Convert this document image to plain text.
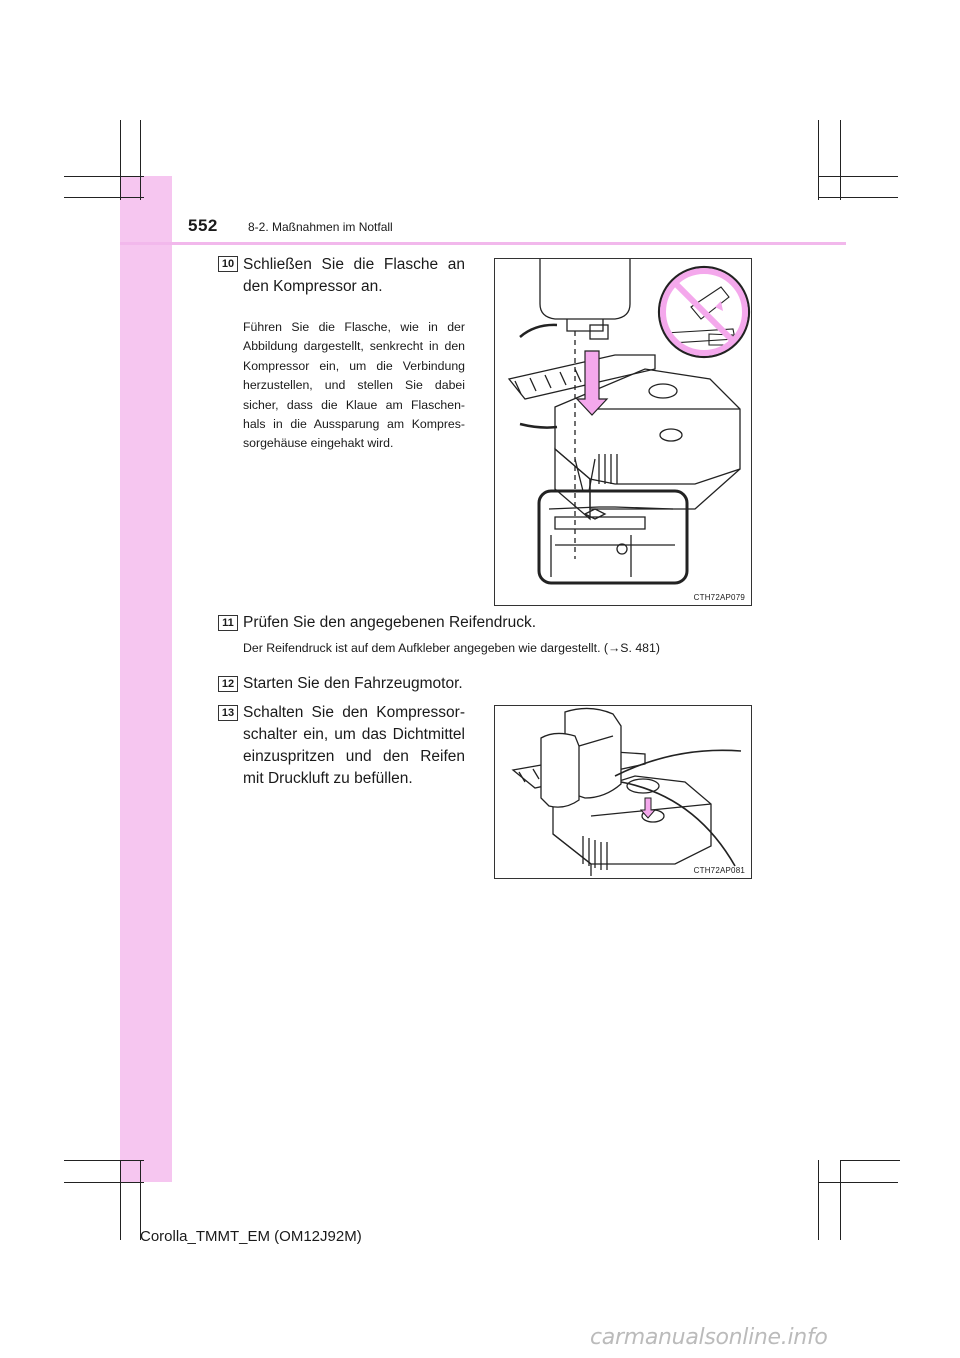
552	8-2. Maßnahmen im Notfall
10 Schließen Sie die Flasche an den Kompressor an.
Führen Sie die Flasche, wie in der Abbildung dargestellt, senkrecht in den Kompressor ein, um die Verbindung herzustellen, und stellen Sie dabei sicher, dass die Klaue am Flaschen- hals in die Aussparung am Kompres- sorgehäuse eingehakt wird.
CTH72AP079
11 Prüfen Sie den angegebenen Reifendruck.
Der Reifendruck ist auf dem Aufkleber angegeben wie dargestellt. (→S. 481)
12 Starten Sie den Fahrzeugmotor.
13 Schalten Sie den Kompressor- schalter ein, um das Dichtmittel einzuspritzen und den Reifen mit Druckluft zu befüllen.
CTH72AP081
Corolla_TMMT_EM (OM12J92M)
carmanualsonline.info
